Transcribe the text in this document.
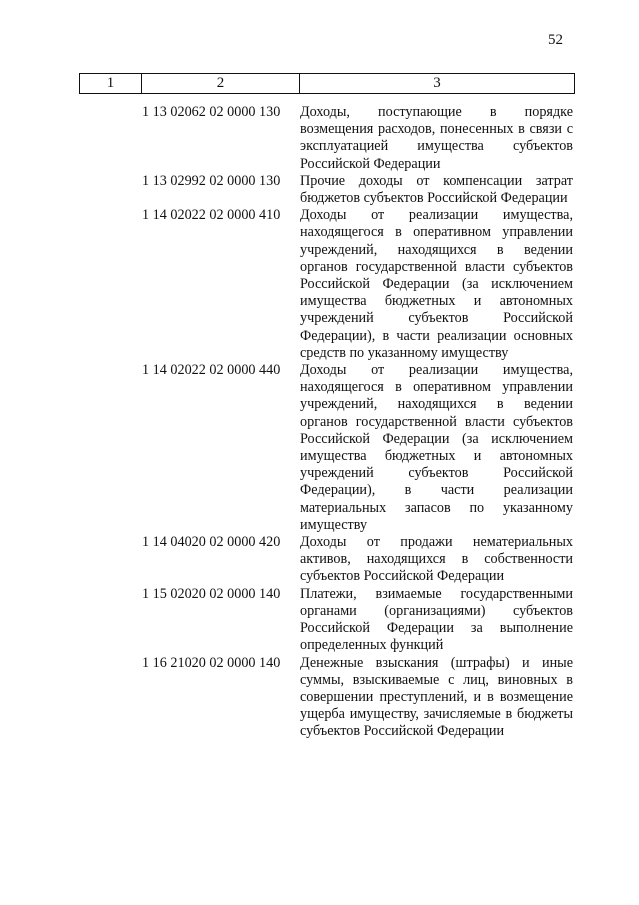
52
1	2	3
1 13 02062 02 0000 130 Доходы, поступающие в порядке возмещения расходов, понесенных в связи с эксплуатацией имущества субъектов Российской Федерации
1 13 02992 02 0000 130 Прочие доходы от компенсации затрат бюджетов субъектов Российской Федерации
1 14 02022 02 0000 410 Доходы от реализации имущества, находящегося в оперативном управлении учреждений, находящихся в ведении органов государственной власти субъектов Российской Федерации (за исключением имущества бюджетных и автономных учреждений субъектов Российской Федерации), в части реализации основных средств по указанному имуществу
1 14 02022 02 0000 440 Доходы от реализации имущества, находящегося в оперативном управлении учреждений, находящихся в ведении органов государственной власти субъектов Российской Федерации (за исключением имущества бюджетных и автономных учреждений субъектов Российской Федерации), в части реализации материальных запасов по указанному имуществу
1 14 04020 02 0000 420 Доходы от продажи нематериальных активов, находящихся в собственности субъектов Российской Федерации
1 15 02020 02 0000 140 Платежи, взимаемые государственными органами (организациями) субъектов Российской Федерации за выполнение определенных функций
1 16 21020 02 0000 140 Денежные взыскания (штрафы) и иные суммы, взыскиваемые с лиц, виновных в совершении преступлений, и в возмещение ущерба имуществу, зачисляемые в бюджеты субъектов Российской Федерации
